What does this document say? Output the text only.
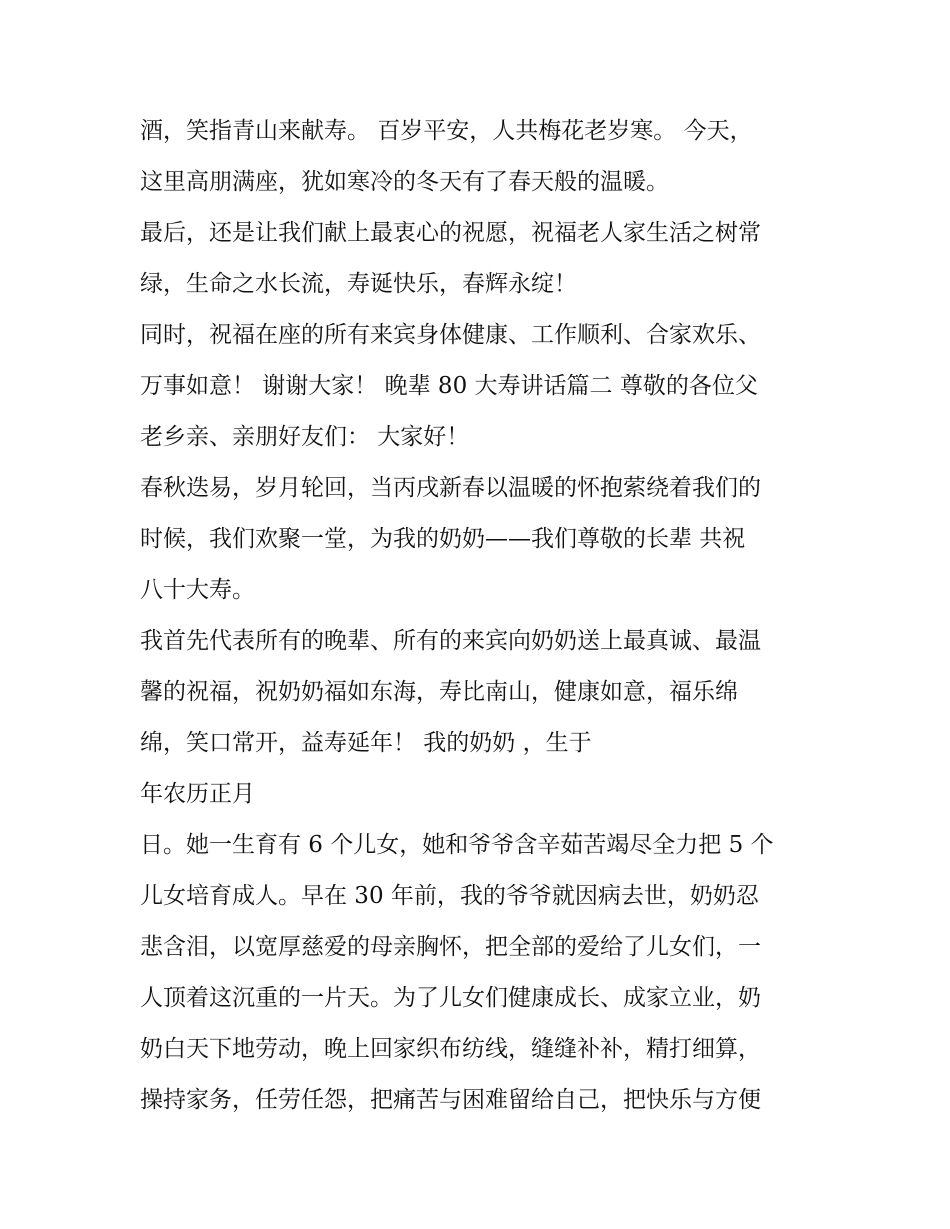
酒，笑指青山来献寿。 百岁平安，人共梅花老岁寒。 今天，
这里高朋满座，犹如寒冷的冬天有了春天般的温暖。
最后，还是让我们献上最衷心的祝愿，祝福老人家生活之树常
绿，生命之水长流，寿诞快乐，春辉永绽！
同时，祝福在座的所有来宾身体健康、工作顺利、合家欢乐、
万事如意！ 谢谢大家！ 晚辈 80 大寿讲话篇二 尊敬的各位父
老乡亲、亲朋好友们： 大家好！
春秋迭易，岁月轮回，当丙戌新春以温暖的怀抱萦绕着我们的
时候，我们欢聚一堂，为我的奶奶——我们尊敬的长辈 共祝
八十大寿。
我首先代表所有的晚辈、所有的来宾向奶奶送上最真诚、最温
馨的祝福，祝奶奶福如东海，寿比南山，健康如意，福乐绵
绵，笑口常开，益寿延年！ 我的奶奶 ，生于
年农历正月
日。她一生育有 6 个儿女，她和爷爷含辛茹苦竭尽全力把 5 个
儿女培育成人。早在 30 年前，我的爷爷就因病去世，奶奶忍
悲含泪，以宽厚慈爱的母亲胸怀，把全部的爱给了儿女们，一
人顶着这沉重的一片天。为了儿女们健康成长、成家立业，奶
奶白天下地劳动，晚上回家织布纺线，缝缝补补，精打细算，
操持家务，任劳任怨，把痛苦与困难留给自己，把快乐与方便
